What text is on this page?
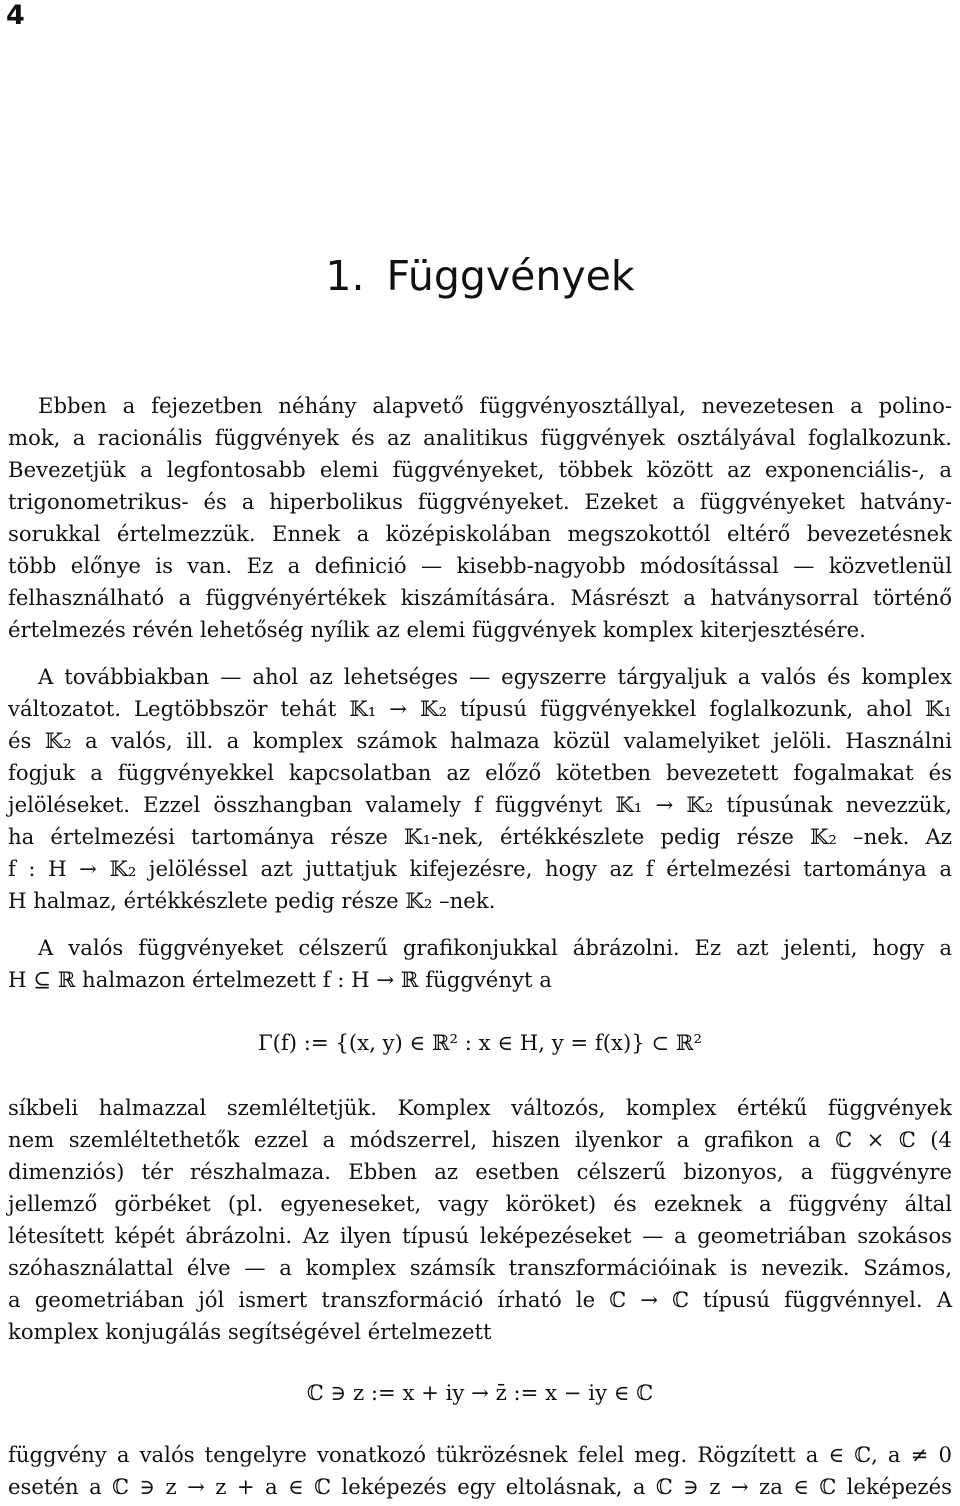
4
1. Függvények
Ebben a fejezetben néhány alapvető függvényosztállyal, nevezetesen a polino-
mok, a racionális függvények és az analitikus függvények osztályával foglalkozunk.
Bevezetjük a legfontosabb elemi függvényeket, többek között az exponenciális-, a
trigonometrikus- és a hiperbolikus függvényeket. Ezeket a függvényeket hatvány-
sorukkal értelmezzük. Ennek a középiskolában megszokottól eltérő bevezetésnek
több előnye is van. Ez a definició — kisebb-nagyobb módosítással — közvetlenül
felhasználható a függvényértékek kiszámítására. Másrészt a hatványsorral történő
értelmezés révén lehetőség nyílik az elemi függvények komplex kiterjesztésére.
A továbbiakban — ahol az lehetséges — egyszerre tárgyaljuk a valós és komplex
változatot. Legtöbbször tehát 𝕂₁ → 𝕂₂ típusú függvényekkel foglalkozunk, ahol 𝕂₁
és 𝕂₂ a valós, ill. a komplex számok halmaza közül valamelyiket jelöli. Használni
fogjuk a függvényekkel kapcsolatban az előző kötetben bevezetett fogalmakat és
jelöléseket. Ezzel összhangban valamely f függvényt 𝕂₁ → 𝕂₂ típusúnak nevezzük,
ha értelmezési tartománya része 𝕂₁-nek, értékkészlete pedig része 𝕂₂ –nek. Az
f : H → 𝕂₂ jelöléssel azt juttatjuk kifejezésre, hogy az f értelmezési tartománya a
H halmaz, értékkészlete pedig része 𝕂₂ –nek.
A valós függvényeket célszerű grafikonjukkal ábrázolni. Ez azt jelenti, hogy a
H ⊆ ℝ halmazon értelmezett f : H → ℝ függvényt a
Γ(f) := {(x, y) ∈ ℝ² : x ∈ H, y = f(x)} ⊂ ℝ²
síkbeli halmazzal szemléltetjük. Komplex változós, komplex értékű függvények
nem szemléltethetők ezzel a módszerrel, hiszen ilyenkor a grafikon a ℂ × ℂ (4
dimenziós) tér részhalmaza. Ebben az esetben célszerű bizonyos, a függvényre
jellemző görbéket (pl. egyeneseket, vagy köröket) és ezeknek a függvény által
létesített képét ábrázolni. Az ilyen típusú leképezéseket — a geometriában szokásos
szóhasználattal élve — a komplex számsík transzformációinak is nevezik. Számos,
a geometriában jól ismert transzformáció írható le ℂ → ℂ típusú függvénnyel. A
komplex konjugálás segítségével értelmezett
ℂ ∋ z := x + iy → z̄ := x − iy ∈ ℂ
függvény a valós tengelyre vonatkozó tükrözésnek felel meg. Rögzített a ∈ ℂ, a ≠ 0
esetén a ℂ ∋ z → z + a ∈ ℂ leképezés egy eltolásnak, a ℂ ∋ z → za ∈ ℂ leképezés
